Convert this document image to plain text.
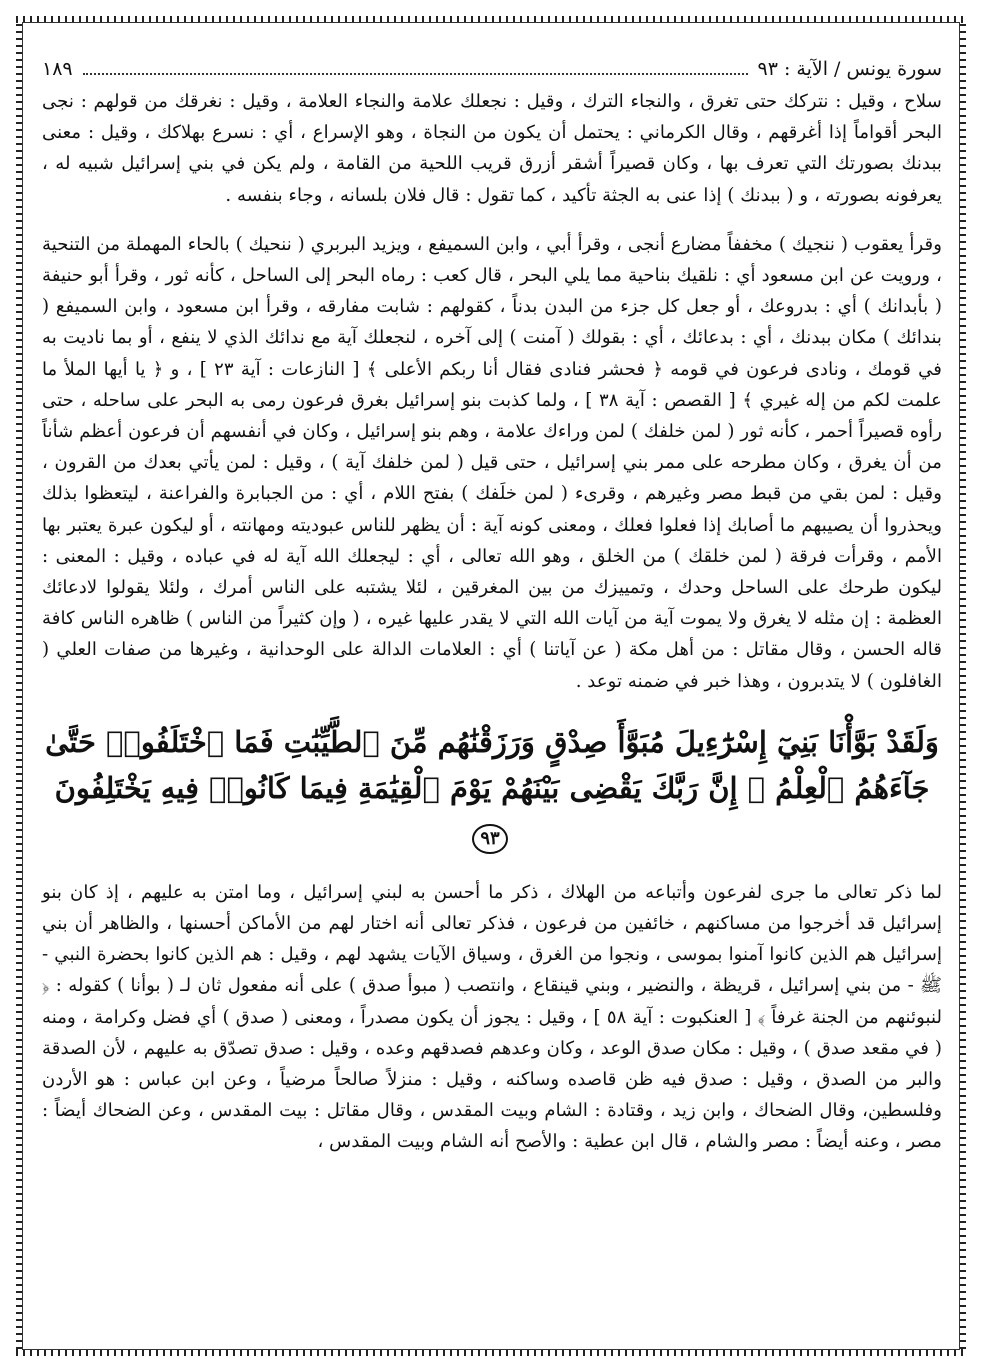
سورة يونس / الآية : ٩٣
١٨٩

سلاح ، وقيل : نتركك حتى تغرق ، والنجاء الترك ، وقيل : نجعلك علامة والنجاء العلامة ، وقيل : نغرقك من قولهم : نجى البحر أقواماً إذا أغرقهم ، وقال الكرماني : يحتمل أن يكون من النجاة ، وهو الإسراع ، أي : نسرع بهلاكك ، وقيل : معنى ببدنك بصورتك التي تعرف بها ، وكان قصيراً أشقر أزرق قريب اللحية من القامة ، ولم يكن في بني إسرائيل شبيه له ، يعرفونه بصورته ، و ( ببدنك ) إذا عنى به الجثة تأكيد ، كما تقول : قال فلان بلسانه ، وجاء بنفسه .

وقرأ يعقوب ( ننجيك ) مخففاً مضارع أنجى ، وقرأ أبي ، وابن السميفع ، ويزيد البربري ( ننحيك ) بالحاء المهملة من التنحية ، ورويت عن ابن مسعود أي : نلقيك بناحية مما يلي البحر ، قال كعب : رماه البحر إلى الساحل ، كأنه ثور ، وقرأ أبو حنيفة ( بأبدانك ) أي : بدروعك ، أو جعل كل جزء من البدن بدناً ، كقولهم : شابت مفارقه ، وقرأ ابن مسعود ، وابن السميفع ( بندائك ) مكان ببدنك ، أي : بدعائك ، أي : بقولك ( آمنت ) إلى آخره ، لنجعلك آية مع ندائك الذي لا ينفع ، أو بما ناديت به في قومك ، ونادى فرعون في قومه ﴿ فحشر فنادى فقال أنا ربكم الأعلى ﴾ [ النازعات : آية ٢٣ ] ، و ﴿ يا أيها الملأ ما علمت لكم من إله غيري ﴾ [ القصص : آية ٣٨ ] ، ولما كذبت بنو إسرائيل بغرق فرعون رمى به البحر على ساحله ، حتى رأوه قصيراً أحمر ، كأنه ثور ( لمن خلفك ) لمن وراءك علامة ، وهم بنو إسرائيل ، وكان في أنفسهم أن فرعون أعظم شأناً من أن يغرق ، وكان مطرحه على ممر بني إسرائيل ، حتى قيل ( لمن خلفك آية ) ، وقيل : لمن يأتي بعدك من القرون ، وقيل : لمن بقي من قبط مصر وغيرهم ، وقرىء ( لمن خلَفك ) بفتح اللام ، أي : من الجبابرة والفراعنة ، ليتعظوا بذلك ويحذروا أن يصيبهم ما أصابك إذا فعلوا فعلك ، ومعنى كونه آية : أن يظهر للناس عبوديته ومهانته ، أو ليكون عبرة يعتبر بها الأمم ، وقرأت فرقة ( لمن خلقك ) من الخلق ، وهو الله تعالى ، أي : ليجعلك الله آية له في عباده ، وقيل : المعنى : ليكون طرحك على الساحل وحدك ، وتمييزك من بين المغرقين ، لئلا يشتبه على الناس أمرك ، ولئلا يقولوا لادعائك العظمة : إن مثله لا يغرق ولا يموت آية من آيات الله التي لا يقدر عليها غيره ، ( وإن كثيراً من الناس ) ظاهره الناس كافة قاله الحسن ، وقال مقاتل : من أهل مكة ( عن آياتنا ) أي : العلامات الدالة على الوحدانية ، وغيرها من صفات العلي ( الغافلون ) لا يتدبرون ، وهذا خبر في ضمنه توعد .

وَلَقَدْ بَوَّأْنَا بَنِيٓ إِسْرَٰٓءِيلَ مُبَوَّأَ صِدْقٍ وَرَزَقْنَٰهُم مِّنَ ٱلطَّيِّبَٰتِ فَمَا ٱخْتَلَفُوا۟ حَتَّىٰ جَآءَهُمُ ٱلْعِلْمُ ۚ إِنَّ رَبَّكَ يَقْضِى بَيْنَهُمْ يَوْمَ ٱلْقِيَٰمَةِ فِيمَا كَانُوا۟ فِيهِ يَخْتَلِفُونَ ٩٣

لما ذكر تعالى ما جرى لفرعون وأتباعه من الهلاك ، ذكر ما أحسن به لبني إسرائيل ، وما امتن به عليهم ، إذ كان بنو إسرائيل قد أخرجوا من مساكنهم ، خائفين من فرعون ، فذكر تعالى أنه اختار لهم من الأماكن أحسنها ، والظاهر أن بني إسرائيل هم الذين كانوا آمنوا بموسى ، ونجوا من الغرق ، وسياق الآيات يشهد لهم ، وقيل : هم الذين كانوا بحضرة النبي - ﷺ - من بني إسرائيل ، قريظة ، والنضير ، وبني قينقاع ، وانتصب ( مبوأ صدق ) على أنه مفعول ثان لـ ( بوأنا ) كقوله : ﴿ لنبوئنهم من الجنة غرفاً ﴾ [ العنكبوت : آية ٥٨ ] ، وقيل : يجوز أن يكون مصدراً ، ومعنى ( صدق ) أي فضل وكرامة ، ومنه ( في مقعد صدق ) ، وقيل : مكان صدق الوعد ، وكان وعدهم فصدقهم وعده ، وقيل : صدق تصدّق به عليهم ، لأن الصدقة والبر من الصدق ، وقيل : صدق فيه ظن قاصده وساكنه ، وقيل : منزلاً صالحاً مرضياً ، وعن ابن عباس : هو الأردن وفلسطين، وقال الضحاك ، وابن زيد ، وقتادة : الشام وبيت المقدس ، وقال مقاتل : بيت المقدس ، وعن الضحاك أيضاً : مصر ، وعنه أيضاً : مصر والشام ، قال ابن عطية : والأصح أنه الشام وبيت المقدس ،
